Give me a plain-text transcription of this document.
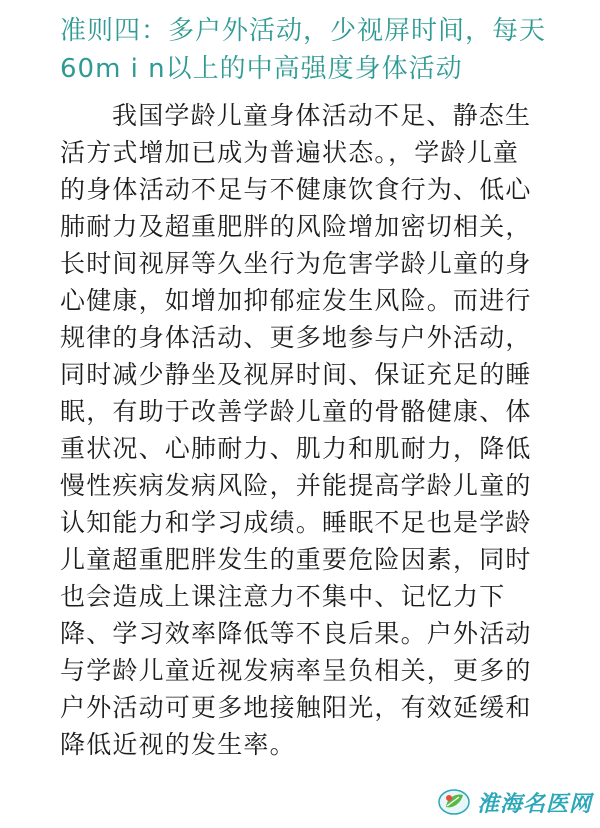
准则四：多户外活动，少视屏时间，每天
60m i n以上的中高强度身体活动
我国学龄儿童身体活动不足、静态生
活方式增加已成为普遍状态。，学龄儿童
的身体活动不足与不健康饮食行为、低心
肺耐力及超重肥胖的风险增加密切相关，
长时间视屏等久坐行为危害学龄儿童的身
心健康，如增加抑郁症发生风险。而进行
规律的身体活动、更多地参与户外活动，
同时减少静坐及视屏时间、保证充足的睡
眠，有助于改善学龄儿童的骨骼健康、体
重状况、心肺耐力、肌力和肌耐力，降低
慢性疾病发病风险，并能提高学龄儿童的
认知能力和学习成绩。睡眠不足也是学龄
儿童超重肥胖发生的重要危险因素，同时
也会造成上课注意力不集中、记忆力下
降、学习效率降低等不良后果。户外活动
与学龄儿童近视发病率呈负相关，更多的
户外活动可更多地接触阳光，有效延缓和
降低近视的发生率。
淮海名医网
